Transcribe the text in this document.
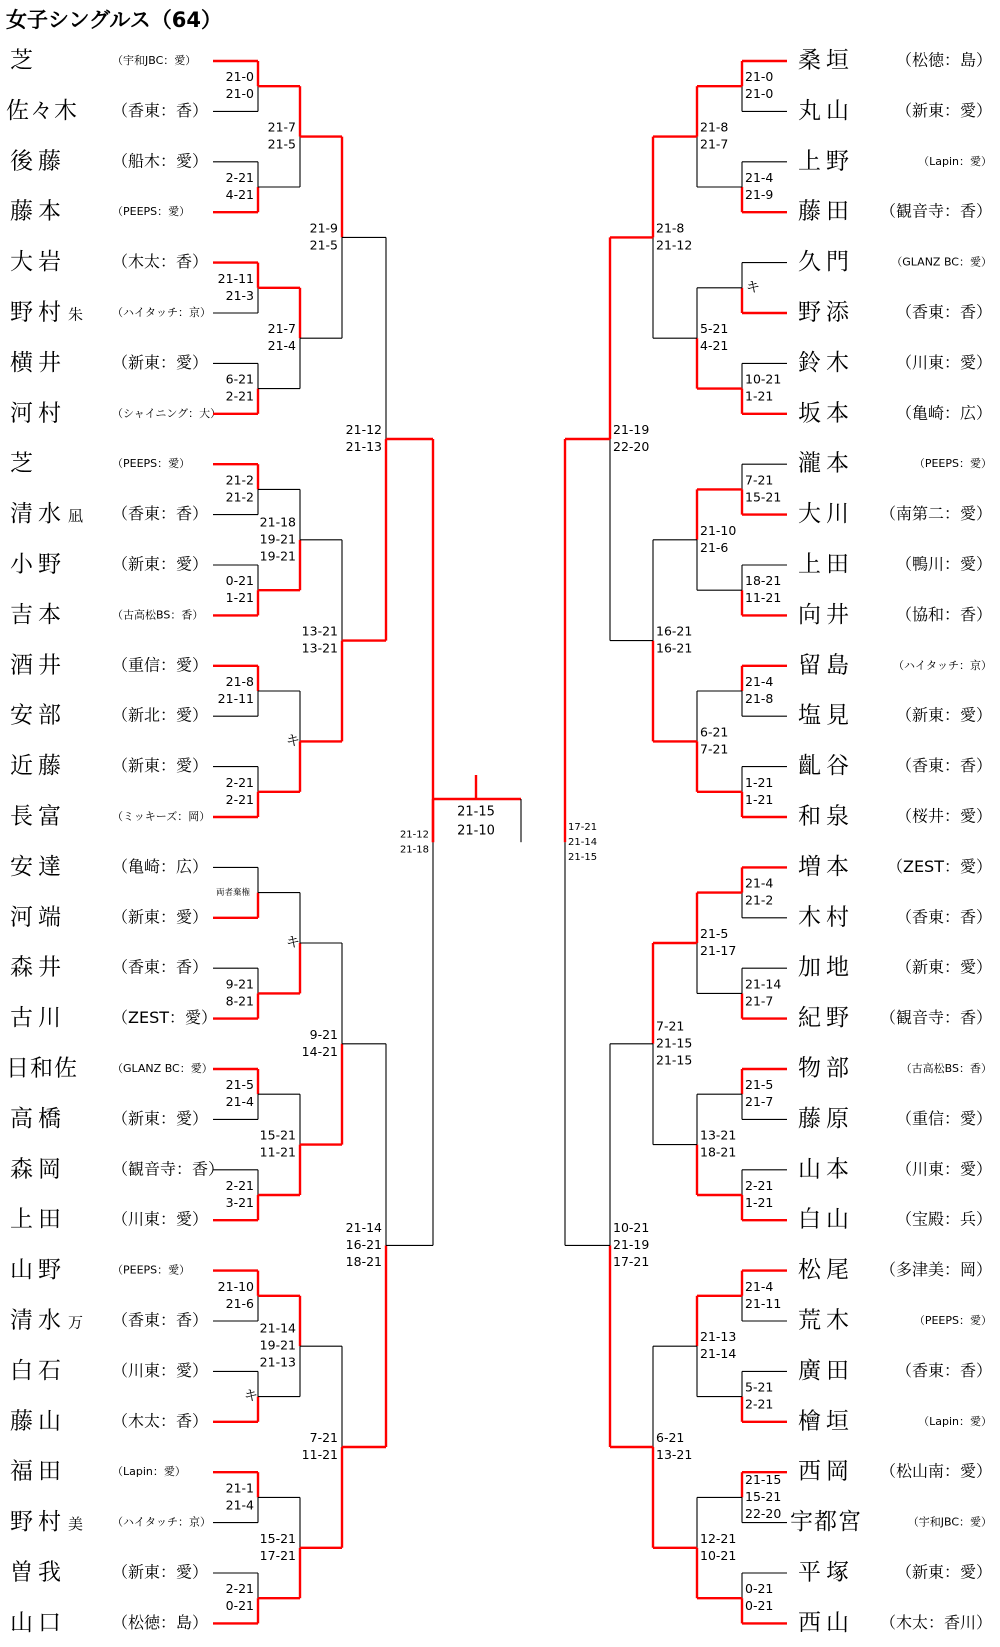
女子シングルス（64）
芝	（宇和JBC：愛）
佐々木 （香東：香）
後藤	（船木：愛）
藤本	（PEEPS：愛）
大岩	（木太：香）
野村 朱	（ハイタッチ：京）
横井	（新東：愛）
河村	（シャイニング：大）
芝	（PEEPS：愛）
清水 凪 （香東：香）
小野	（新東：愛）
吉本	（古高松BS：香）
酒井	（重信：愛）
安部	（新北：愛）
近藤	（新東：愛）
長富	（ミッキーズ：岡）
安達	（亀崎：広）
河端	（新東：愛）
森井	（香東：香）
古川	（ZEST：愛）
日和佐	（GLANZ BC：愛）
高橋	（新東：愛）
森岡	（観音寺：香）
上田	（川東：愛）
山野	（PEEPS：愛）
清水 万 （香東：香）
白石	（川東：愛）
藤山	（木太：香）
福田	（Lapin：愛）
野村 美	（ハイタッチ：京）
曽我	（新東：愛）
山口	（松徳：島）
桑垣	（松徳：島）
丸山	（新東：愛）
上野	（Lapin：愛）
藤田 （観音寺：香）
久門	（GLANZ BC：愛）
野添	（香東：香）
鈴木	（川東：愛）
坂本	（亀崎：広）
瀧本	（PEEPS：愛）
大川 （南第二：愛）
上田	（鴨川：愛）
向井	（協和：香）
留島	（ハイタッチ：京）
塩見	（新東：愛）
齓谷	（香東：香）
和泉	（桜井：愛）
増本 （ZEST：愛）
木村	（香東：香）
加地	（新東：愛）
紀野 （観音寺：香）
物部	（古高松BS：香）
藤原	（重信：愛）
山本	（川東：愛）
白山	（宝殿：兵）
松尾 （多津美：岡）
荒木	（PEEPS：愛）
廣田	（香東：香）
檜垣	（Lapin：愛）
西岡 （松山南：愛）
宇都宮	（宇和JBC：愛）
平塚	（新東：愛）
西山 （木太：香川）
21-0
21-0
2-21
4-21
21-11
21-3
6-21
2-21
21-2
21-2
0-21
1-21
21-8
21-11
2-21
2-21
両者棄権
9-21
8-21
21-5
21-4
2-21
3-21
21-10
21-6
キ
21-1
21-4
2-21
0-21
21-7
21-5
21-7
21-4
21-18
19-21
19-21
キ
キ
15-21
11-21
21-14
19-21
21-13
15-21
17-21
21-9
21-5
13-21
13-21
9-21
14-21
7-21
11-21
21-12
21-13
21-14
16-21
18-21
21-12
21-18
21-0
21-0
21-4
21-9
キ
10-21
1-21
7-21
15-21
18-21
11-21
21-4
21-8
1-21
1-21
21-4
21-2
21-14
21-7
21-5
21-7
2-21
1-21
21-4
21-11
5-21
2-21
21-15
15-21
22-20
0-21
0-21
21-8
21-7
5-21
4-21
21-10
21-6
6-21
7-21
21-5
21-17
13-21
18-21
21-13
21-14
12-21
10-21
21-8
21-12
16-21
16-21
7-21
21-15
21-15
6-21
13-21
21-19
22-20
10-21
21-19
17-21
17-21
21-14
21-15
21-15
21-10
